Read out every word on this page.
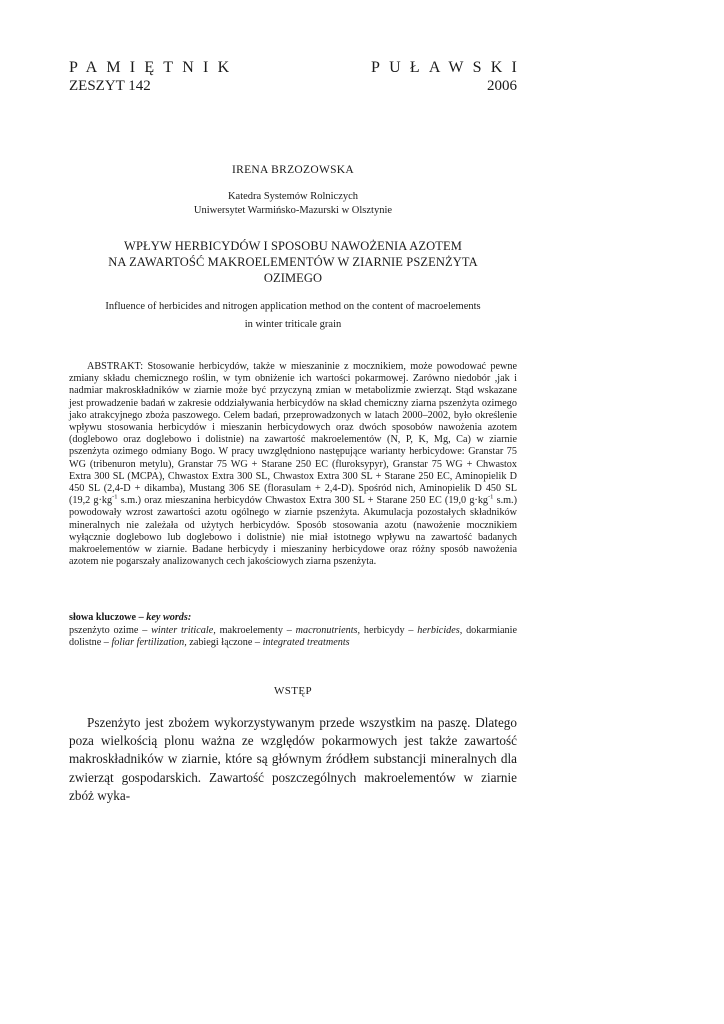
PAMIĘTNIK	PUŁAWSKI
ZESZYT 142	2006
IRENA BRZOZOWSKA
Katedra Systemów Rolniczych
Uniwersytet Warmińsko-Mazurski w Olsztynie
WPŁYW HERBICYDÓW I SPOSOBU NAWOŻENIA AZOTEM
NA ZAWARTOŚĆ MAKROELEMENTÓW W ZIARNIE PSZENŻYTA
OZIMEGO
Influence of herbicides and nitrogen application method on the content of macroelements
in winter triticale grain
ABSTRAKT: Stosowanie herbicydów, także w mieszaninie z mocznikiem, może powodować pewne zmiany składu chemicznego roślin, w tym obniżenie ich wartości pokarmowej. Zarówno niedobór ,jak i nadmiar makroskładników w ziarnie może być przyczyną zmian w metabolizmie zwierząt. Stąd wskazane jest prowadzenie badań w zakresie oddziaływania herbicydów na skład chemiczny ziarna pszenżyta ozimego jako atrakcyjnego zboża paszowego. Celem badań, przeprowadzonych w latach 2000–2002, było określenie wpływu stosowania herbicydów i mieszanin herbicydowych oraz dwóch sposobów nawożenia azotem (doglebowo oraz doglebowo i dolistnie) na zawartość makroelementów (N, P, K, Mg, Ca) w ziarnie pszenżyta ozimego odmiany Bogo. W pracy uwzględniono następujące warianty herbicydowe: Granstar 75 WG (tribenuron metylu), Granstar 75 WG + Starane 250 EC (fluroksypyr), Granstar 75 WG + Chwastox Extra 300 SL (MCPA), Chwastox Extra 300 SL, Chwastox Extra 300 SL + Starane 250 EC, Aminopielik D 450 SL (2,4-D + dikamba), Mustang 306 SE (florasulam + 2,4-D). Spośród nich, Aminopielik D 450 SL (19,2 $g\cdot kg^{-1}$ s.m.) oraz mieszanina herbicydów Chwastox Extra 300 SL + Starane 250 EC (19,0 $g\cdot kg^{-1}$ s.m.) powodowały wzrost zawartości azotu ogólnego w ziarnie pszenżyta. Akumulacja pozostałych składników mineralnych nie zależała od użytych herbicydów. Sposób stosowania azotu (nawożenie mocznikiem wyłącznie doglebowo lub doglebowo i dolistnie) nie miał istotnego wpływu na zawartość badanych makroelementów w ziarnie. Badane herbicydy i mieszaniny herbicydowe oraz różny sposób nawożenia azotem nie pogarszały analizowanych cech jakościowych ziarna pszenżyta.
słowa kluczowe – key words:
pszenżyto ozime – winter triticale, makroelementy – macronutrients, herbicydy – herbicides, dokarmianie dolistne – foliar fertilization, zabiegi łączone – integrated treatments
WSTĘP
Pszenżyto jest zbożem wykorzystywanym przede wszystkim na paszę. Dlatego poza wielkością plonu ważna ze względów pokarmowych jest także zawartość makroskładników w ziarnie, które są głównym źródłem substancji mineralnych dla zwierząt gospodarskich. Zawartość poszczególnych makroelementów w ziarnie zbóż wyka-
